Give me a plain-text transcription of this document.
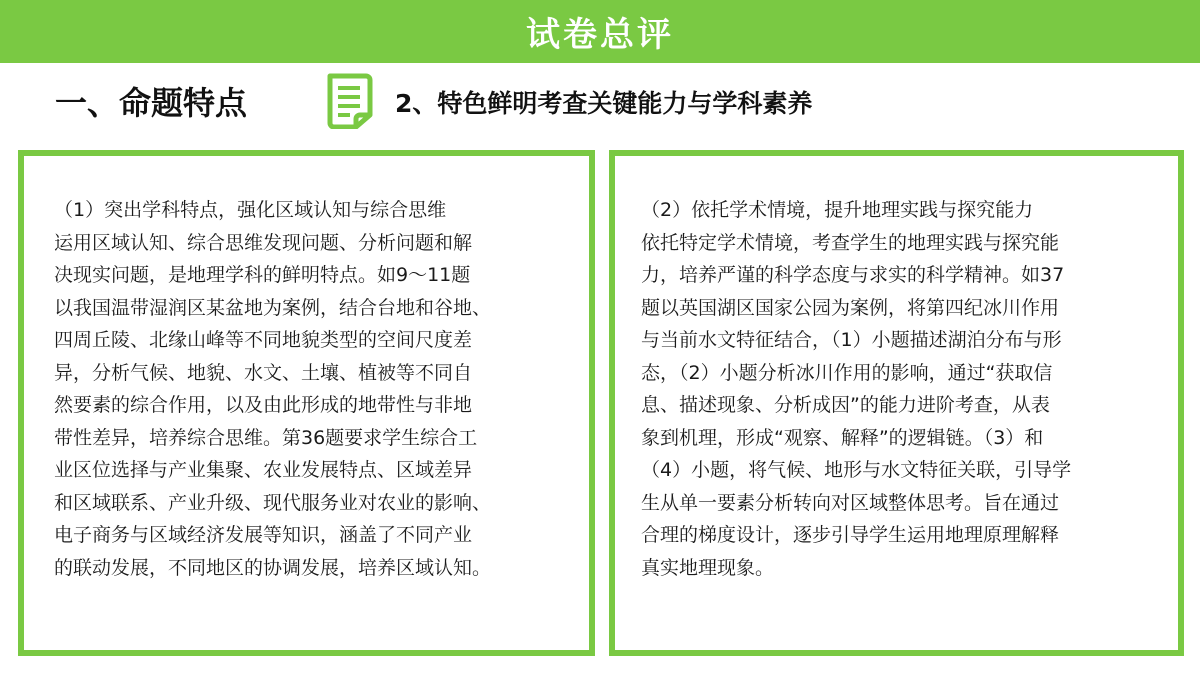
试卷总评
一、命题特点	2、特色鲜明考查关键能力与学科素养
（1）突出学科特点，强化区域认知与综合思维
运用区域认知、综合思维发现问题、分析问题和解
决现实问题，是地理学科的鲜明特点。如9～11题
以我国温带湿润区某盆地为案例，结合台地和谷地、
四周丘陵、北缘山峰等不同地貌类型的空间尺度差
异，分析气候、地貌、水文、土壤、植被等不同自
然要素的综合作用，以及由此形成的地带性与非地
带性差异，培养综合思维。第36题要求学生综合工
业区位选择与产业集聚、农业发展特点、区域差异
和区域联系、产业升级、现代服务业对农业的影响、
电子商务与区域经济发展等知识，涵盖了不同产业
的联动发展，不同地区的协调发展，培养区域认知。
（2）依托学术情境，提升地理实践与探究能力
依托特定学术情境，考查学生的地理实践与探究能
力，培养严谨的科学态度与求实的科学精神。如37
题以英国湖区国家公园为案例，将第四纪冰川作用
与当前水文特征结合，（1）小题描述湖泊分布与形
态，（2）小题分析冰川作用的影响，通过“获取信
息、描述现象、分析成因”的能力进阶考查，从表
象到机理，形成“观察、解释”的逻辑链。（3）和
（4）小题，将气候、地形与水文特征关联，引导学
生从单一要素分析转向对区域整体思考。旨在通过
合理的梯度设计，逐步引导学生运用地理原理解释
真实地理现象。
